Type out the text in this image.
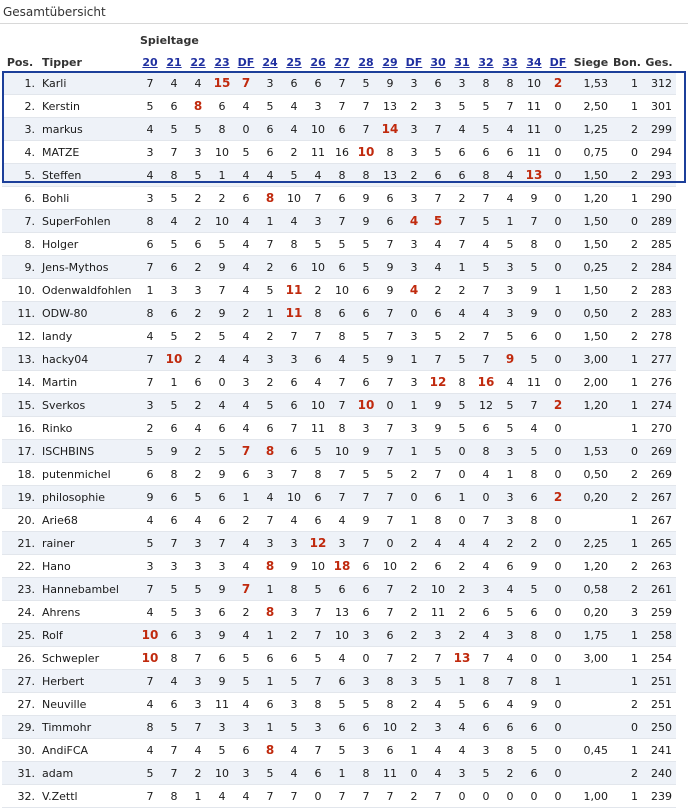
Gesamtübersicht
Spieltage
Pos.	Tipper	20	21	22	23	DF	24	25	26	27	28	29	DF	30	31	32	33	34	DF	Siege	Bon.	Ges.
1.	Karli	7	4	4	15	7	3	6	6	7	5	9	3	6	3	8	8	10	2	1,53	1	312
2.	Kerstin	5	6	8	6	4	5	4	3	7	7	13	2	3	5	5	7	11	0	2,50	1	301
3.	markus	4	5	5	8	0	6	4	10	6	7	14	3	7	4	5	4	11	0	1,25	2	299
4.	MATZE	3	7	3	10	5	6	2	11	16	10	8	3	5	6	6	6	11	0	0,75	0	294
5.	Steffen	4	8	5	1	4	4	5	4	8	8	13	2	6	6	8	4	13	0	1,50	2	293
6.	Bohli	3	5	2	2	6	8	10	7	6	9	6	3	7	2	7	4	9	0	1,20	1	290
7.	SuperFohlen	8	4	2	10	4	1	4	3	7	9	6	4	5	7	5	1	7	0	1,50	0	289
8.	Holger	6	5	6	5	4	7	8	5	5	5	7	3	4	7	4	5	8	0	1,50	2	285
9.	Jens-Mythos	7	6	2	9	4	2	6	10	6	5	9	3	4	1	5	3	5	0	0,25	2	284
10.	Odenwaldfohlen	1	3	3	7	4	5	11	2	10	6	9	4	2	2	7	3	9	1	1,50	2	283
11.	ODW-80	8	6	2	9	2	1	11	8	6	6	7	0	6	4	4	3	9	0	0,50	2	283
12.	landy	4	5	2	5	4	2	7	7	8	5	7	3	5	2	7	5	6	0	1,50	2	278
13.	hacky04	7	10	2	4	4	3	3	6	4	5	9	1	7	5	7	9	5	0	3,00	1	277
14.	Martin	7	1	6	0	3	2	6	4	7	6	7	3	12	8	16	4	11	0	2,00	1	276
15.	Sverkos	3	5	2	4	4	5	6	10	7	10	0	1	9	5	12	5	7	2	1,20	1	274
16.	Rinko	2	6	4	6	4	6	7	11	8	3	7	3	9	5	6	5	4	0		1	270
17.	ISCHBINS	5	9	2	5	7	8	6	5	10	9	7	1	5	0	8	3	5	0	1,53	0	269
18.	putenmichel	6	8	2	9	6	3	7	8	7	5	5	2	7	0	4	1	8	0	0,50	2	269
19.	philosophie	9	6	5	6	1	4	10	6	7	7	7	0	6	1	0	3	6	2	0,20	2	267
20.	Arie68	4	6	4	6	2	7	4	6	4	9	7	1	8	0	7	3	8	0		1	267
21.	rainer	5	7	3	7	4	3	3	12	3	7	0	2	4	4	4	2	2	0	2,25	1	265
22.	Hano	3	3	3	3	4	8	9	10	18	6	10	2	6	2	4	6	9	0	1,20	2	263
23.	Hannebambel	7	5	5	9	7	1	8	5	6	6	7	2	10	2	3	4	5	0	0,58	2	261
24.	Ahrens	4	5	3	6	2	8	3	7	13	6	7	2	11	2	6	5	6	0	0,20	3	259
25.	Rolf	10	6	3	9	4	1	2	7	10	3	6	2	3	2	4	3	8	0	1,75	1	258
26.	Schwepler	10	8	7	6	5	6	6	5	4	0	7	2	7	13	7	4	0	0	3,00	1	254
27.	Herbert	7	4	3	9	5	1	5	7	6	3	8	3	5	1	8	7	8	1		1	251
27.	Neuville	4	6	3	11	4	6	3	8	5	5	8	2	4	5	6	4	9	0		2	251
29.	Timmohr	8	5	7	3	3	1	5	3	6	6	10	2	3	4	6	6	6	0		0	250
30.	AndiFCA	4	7	4	5	6	8	4	7	5	3	6	1	4	4	3	8	5	0	0,45	1	241
31.	adam	5	7	2	10	3	5	4	6	1	8	11	0	4	3	5	2	6	0		2	240
32.	V.Zettl	7	8	1	4	4	7	7	0	7	7	7	2	7	0	0	0	0	0	1,00	1	239
